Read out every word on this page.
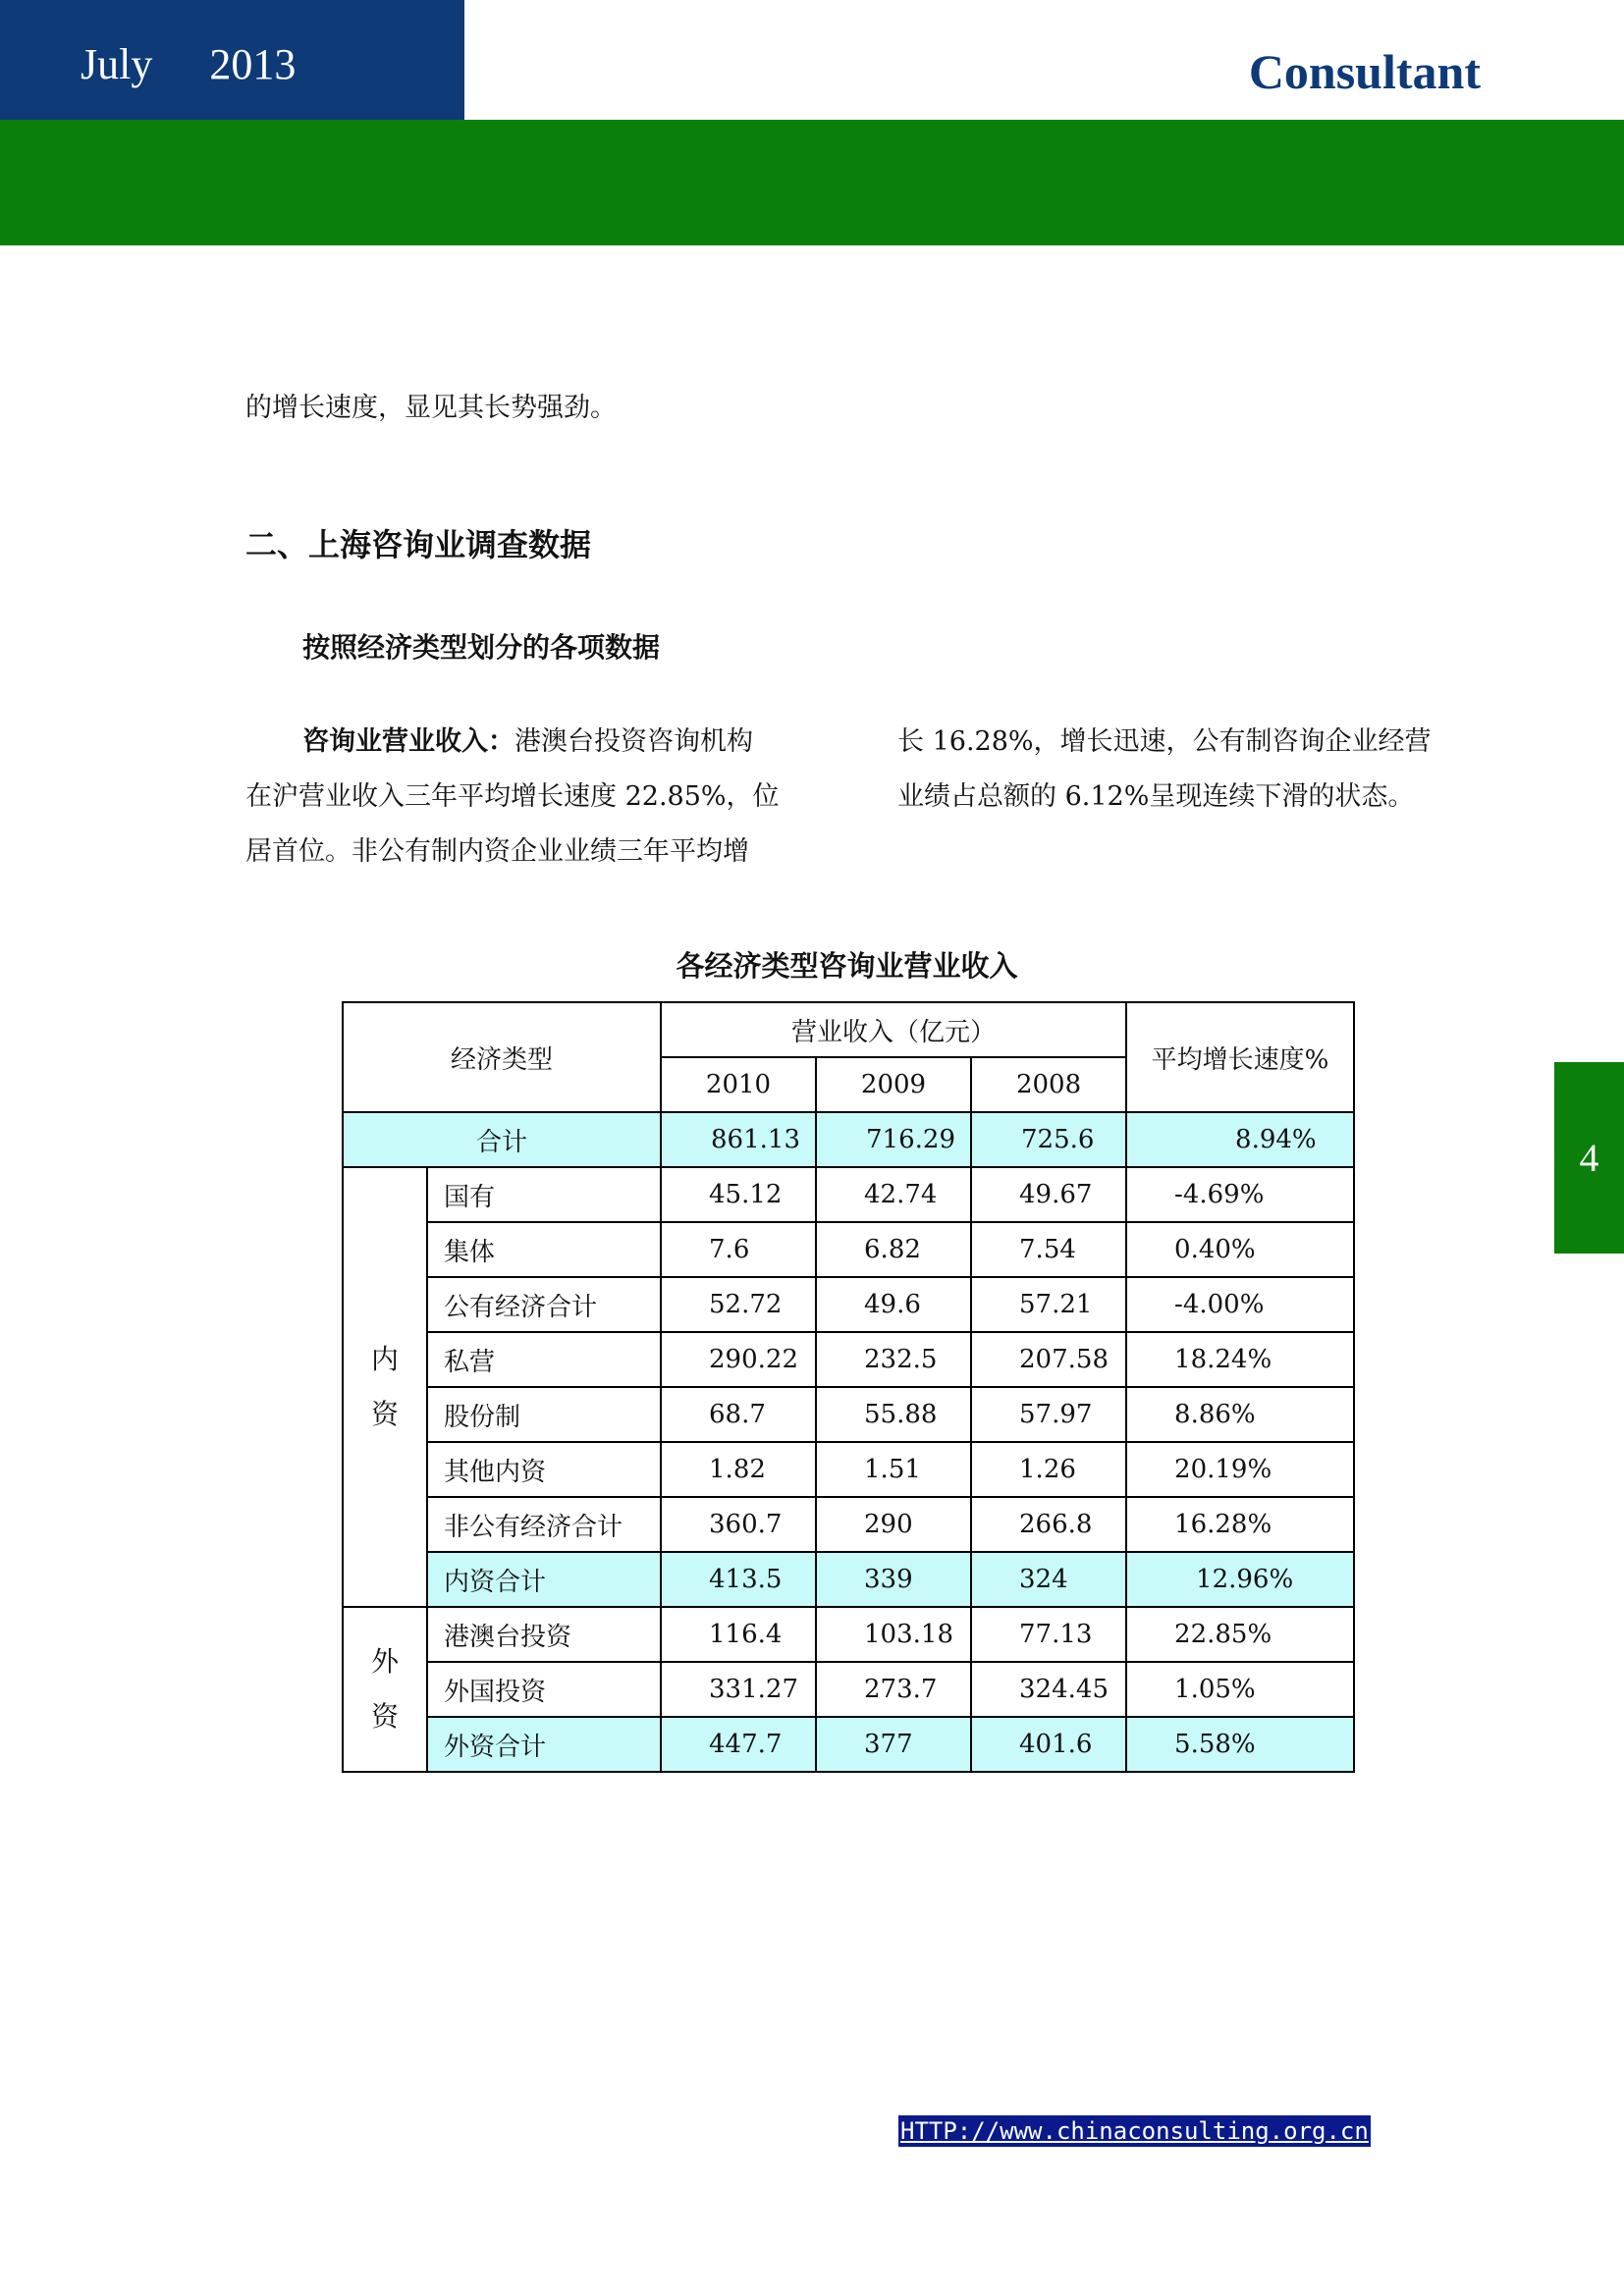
July 2013	Consultant
4
的增长速度，显见其长势强劲。
二、上海咨询业调查数据
按照经济类型划分的各项数据
咨询业营业收入：港澳台投资咨询机构
在沪营业收入三年平均增长速度 22.85%，位
居首位。非公有制内资企业业绩三年平均增
长 16.28%，增长迅速，公有制咨询企业经营
业绩占总额的 6.12%呈现连续下滑的状态。
各经济类型咨询业营业收入
经济类型		营业收入（亿元）			平均增长速度%
		2010	2009	2008	
合计		861.13	716.29	725.6	8.94%
内
资	国有	45.12	42.74	49.67	-4.69%
	集体	7.6	6.82	7.54	0.40%
	公有经济合计	52.72	49.6	57.21	-4.00%
	私营	290.22	232.5	207.58	18.24%
	股份制	68.7	55.88	57.97	8.86%
	其他内资	1.82	1.51	1.26	20.19%
	非公有经济合计	360.7	290	266.8	16.28%
	内资合计	413.5	339	324	12.96%
外
资	港澳台投资	116.4	103.18	77.13	22.85%
	外国投资	331.27	273.7	324.45	1.05%
	外资合计	447.7	377	401.6	5.58%
HTTP://www.chinaconsulting.org.cn
